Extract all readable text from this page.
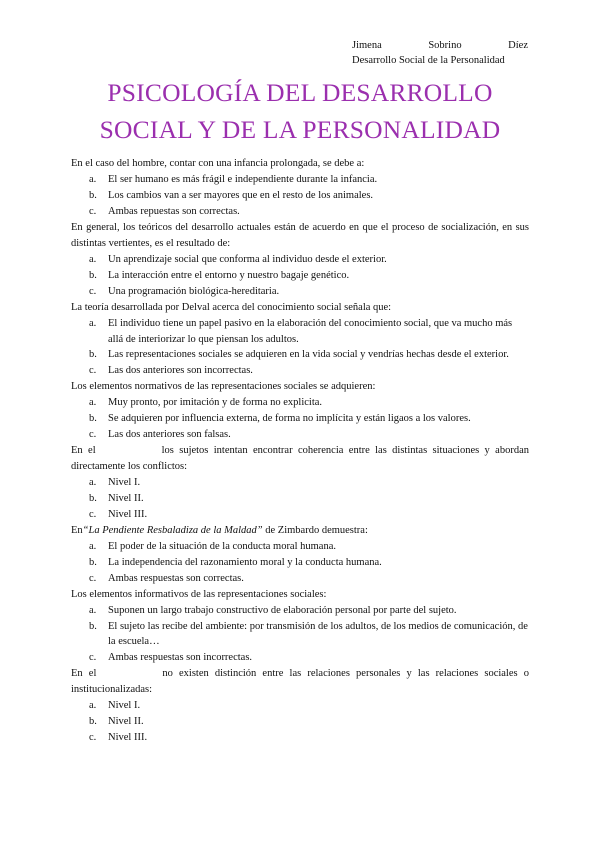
Jimena	Sobrino	Díez
Desarrollo Social de la Personalidad
PSICOLOGÍA DEL DESARROLLO
SOCIAL Y DE LA PERSONALIDAD

En el caso del hombre, contar con una infancia prolongada, se debe a:

a. El ser humano es más frágil e independiente durante la infancia.
b. Los cambios van a ser mayores que en el resto de los animales.
c. Ambas repuestas son correctas.

En general, los teóricos del desarrollo actuales están de acuerdo en que el proceso de socialización, en sus distintas vertientes, es el resultado de:

a. Un aprendizaje social que conforma al individuo desde el exterior.
b. La interacción entre el entorno y nuestro bagaje genético.
c. Una programación biológica-hereditaria.

La teoría desarrollada por Delval acerca del conocimiento social señala que:

a. El individuo tiene un papel pasivo en la elaboración del conocimiento social, que va mucho más allá de interiorizar lo que piensan los adultos.
b. Las representaciones sociales se adquieren en la vida social y vendrías hechas desde el exterior.
c. Las dos anteriores son incorrectas.

Los elementos normativos de las representaciones sociales se adquieren:

a. Muy pronto, por imitación y de forma no explicita.
b. Se adquieren por influencia externa, de forma no implícita y están ligaos a los valores.
c. Las dos anteriores son falsas.

En el	los sujetos intentan encontrar coherencia entre las distintas situaciones y abordan directamente los conflictos:

a. Nivel I.
b. Nivel II.
c. Nivel III.

En“La Pendiente Resbaladiza de la Maldad” de Zimbardo demuestra:

a. El poder de la situación de la conducta moral humana.
b. La independencia del razonamiento moral y la conducta humana.
c. Ambas respuestas son correctas.

Los elementos informativos de las representaciones sociales:

a. Suponen un largo trabajo constructivo de elaboración personal por parte del sujeto.
b. El sujeto las recibe del ambiente: por transmisión de los adultos, de los medios de comunicación, de la escuela…
c. Ambas respuestas son incorrectas.

En el	no existen distinción entre las relaciones personales y las relaciones sociales o institucionalizadas:

a. Nivel I.
b. Nivel II.
c. Nivel III.
